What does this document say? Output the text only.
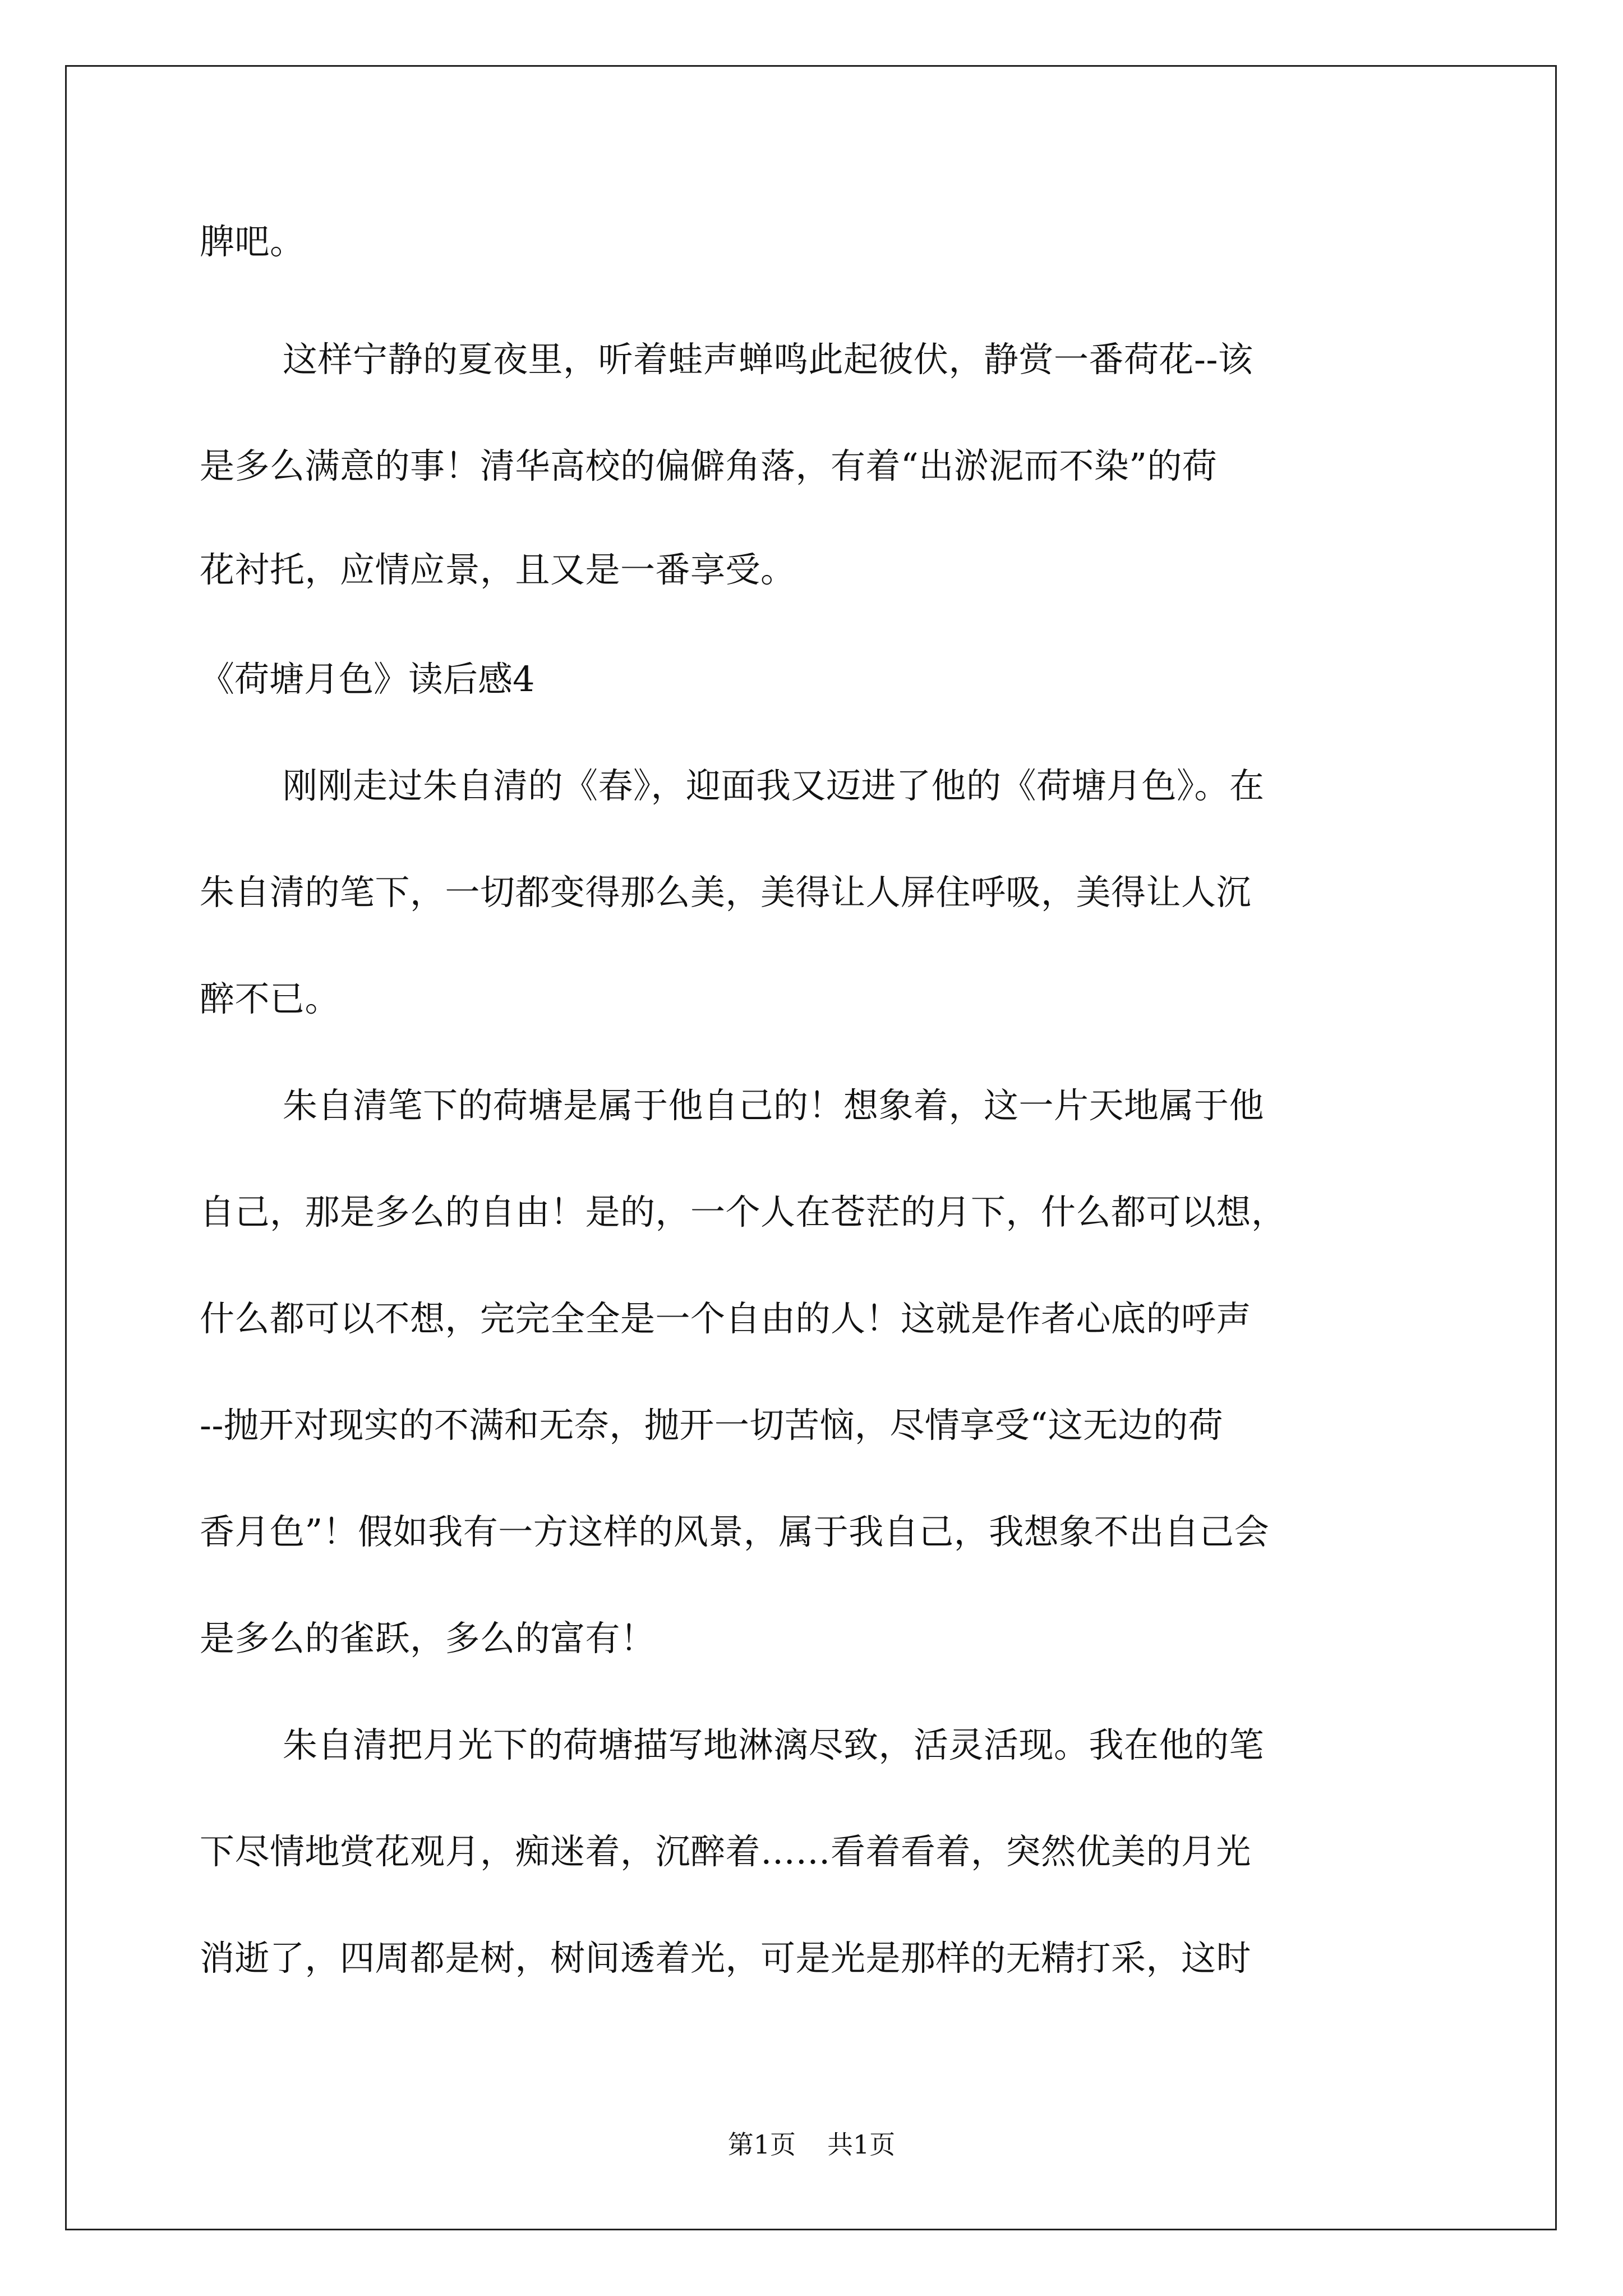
脾吧。
这样宁静的夏夜里，听着蛙声蝉鸣此起彼伏，静赏一番荷花--该
是多么满意的事！清华高校的偏僻角落，有着“出淤泥而不染”的荷
花衬托，应情应景，且又是一番享受。
《荷塘月色》读后感4
刚刚走过朱自清的《春》，迎面我又迈进了他的《荷塘月色》。在
朱自清的笔下，一切都变得那么美，美得让人屏住呼吸，美得让人沉
醉不已。
朱自清笔下的荷塘是属于他自己的！想象着，这一片天地属于他
自己，那是多么的自由！是的，一个人在苍茫的月下，什么都可以想，
什么都可以不想，完完全全是一个自由的人！这就是作者心底的呼声
--抛开对现实的不满和无奈，抛开一切苦恼，尽情享受“这无边的荷
香月色”！假如我有一方这样的风景，属于我自己，我想象不出自己会
是多么的雀跃，多么的富有！
朱自清把月光下的荷塘描写地淋漓尽致，活灵活现。我在他的笔
下尽情地赏花观月，痴迷着，沉醉着……看着看着，突然优美的月光
消逝了，四周都是树，树间透着光，可是光是那样的无精打采，这时
第1页 共1页
